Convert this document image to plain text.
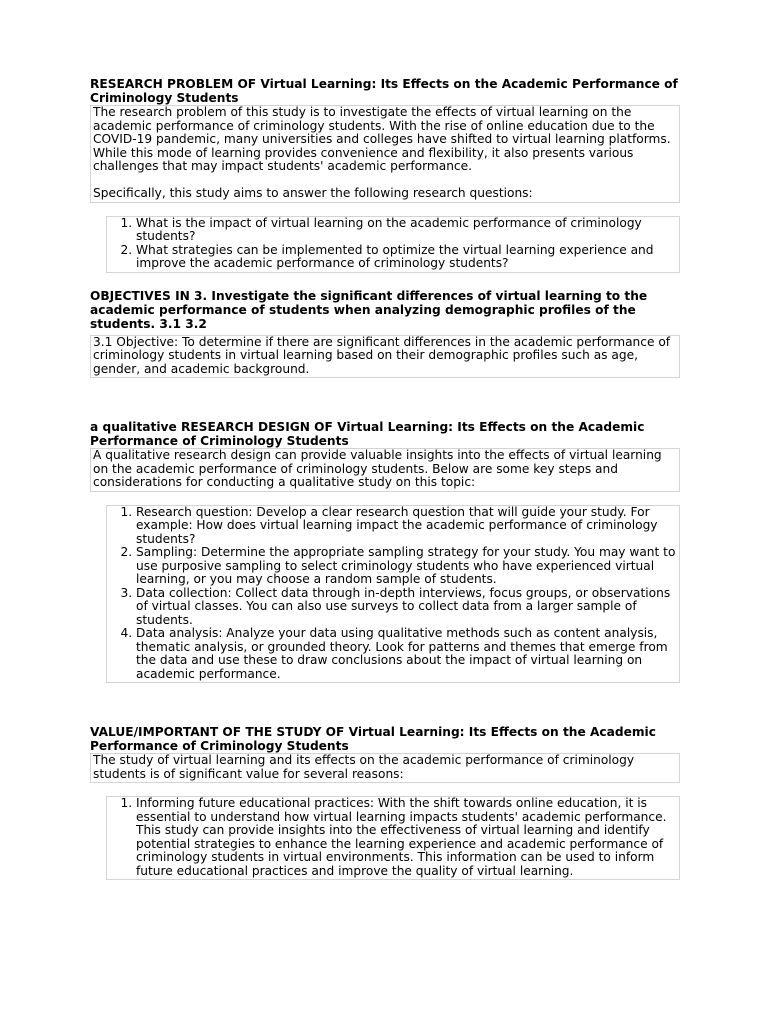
RESEARCH PROBLEM OF Virtual Learning: Its Effects on the Academic Performance of Criminology Students

The research problem of this study is to investigate the effects of virtual learning on the academic performance of criminology students. With the rise of online education due to the COVID-19 pandemic, many universities and colleges have shifted to virtual learning platforms. While this mode of learning provides convenience and flexibility, it also presents various challenges that may impact students' academic performance.

Specifically, this study aims to answer the following research questions:

1. What is the impact of virtual learning on the academic performance of criminology students?
2. What strategies can be implemented to optimize the virtual learning experience and improve the academic performance of criminology students?
OBJECTIVES IN 3. Investigate the significant differences of virtual learning to the academic performance of students when analyzing demographic profiles of the students. 3.1 3.2

3.1 Objective: To determine if there are significant differences in the academic performance of criminology students in virtual learning based on their demographic profiles such as age, gender, and academic background.

a qualitative RESEARCH DESIGN OF Virtual Learning: Its Effects on the Academic Performance of Criminology Students

A qualitative research design can provide valuable insights into the effects of virtual learning on the academic performance of criminology students. Below are some key steps and considerations for conducting a qualitative study on this topic:

1. Research question: Develop a clear research question that will guide your study. For example: How does virtual learning impact the academic performance of criminology students?
2. Sampling: Determine the appropriate sampling strategy for your study. You may want to use purposive sampling to select criminology students who have experienced virtual learning, or you may choose a random sample of students.
3. Data collection: Collect data through in-depth interviews, focus groups, or observations of virtual classes. You can also use surveys to collect data from a larger sample of students.
4. Data analysis: Analyze your data using qualitative methods such as content analysis, thematic analysis, or grounded theory. Look for patterns and themes that emerge from the data and use these to draw conclusions about the impact of virtual learning on academic performance.
VALUE/IMPORTANT OF THE STUDY OF Virtual Learning: Its Effects on the Academic Performance of Criminology Students

The study of virtual learning and its effects on the academic performance of criminology students is of significant value for several reasons:

1. Informing future educational practices: With the shift towards online education, it is essential to understand how virtual learning impacts students' academic performance. This study can provide insights into the effectiveness of virtual learning and identify potential strategies to enhance the learning experience and academic performance of criminology students in virtual environments. This information can be used to inform future educational practices and improve the quality of virtual learning.
